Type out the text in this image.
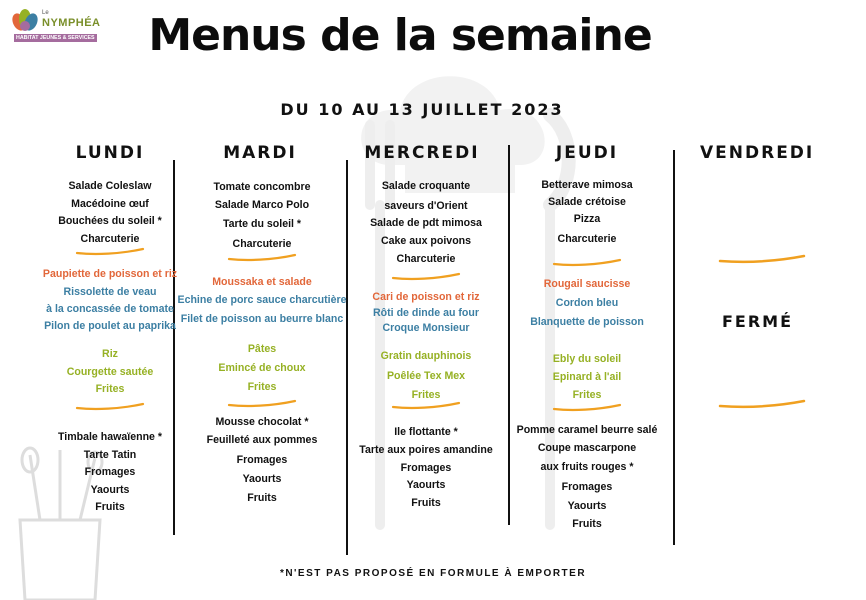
Le
NYMPHÉA
HABITAT JEUNES & SERVICES	Menus de la semaine
DU 10 AU 13 JUILLET 2023
LUNDI	MARDI	MERCREDI	JEUDI	VENDREDI
Salade Coleslaw
Macédoine œuf
Bouchées du soleil *
Charcuterie
Paupiette de poisson et riz
Rissolette de veau
à la concassée de tomate
Pilon de poulet au paprika
Riz
Courgette sautée
Frites
Timbale hawaïenne *
Tarte Tatin
Fromages
Yaourts
Fruits
Tomate concombre
Salade Marco Polo
Tarte du soleil *
Charcuterie
Moussaka et salade
Echine de porc sauce charcutière
Filet de poisson au beurre blanc
Pâtes
Emincé de choux
Frites
Mousse chocolat *
Feuilleté aux pommes
Fromages
Yaourts
Fruits
Salade croquante
saveurs d'Orient
Salade de pdt mimosa
Cake aux poivons
Charcuterie
Cari de poisson et riz
Rôti de dinde au four
Croque Monsieur
Gratin dauphinois
Poêlée Tex Mex
Frites
Ile flottante *
Tarte aux poires amandine
Fromages
Yaourts
Fruits
Betterave mimosa
Salade crétoise
Pizza
Charcuterie
Rougail saucisse
Cordon bleu
Blanquette de poisson
Ebly du soleil
Epinard à l'ail
Frites
Pomme caramel beurre salé
Coupe mascarpone
aux fruits rouges *
Fromages
Yaourts
Fruits
FERMÉ
*N'EST PAS PROPOSÉ EN FORMULE À EMPORTER
